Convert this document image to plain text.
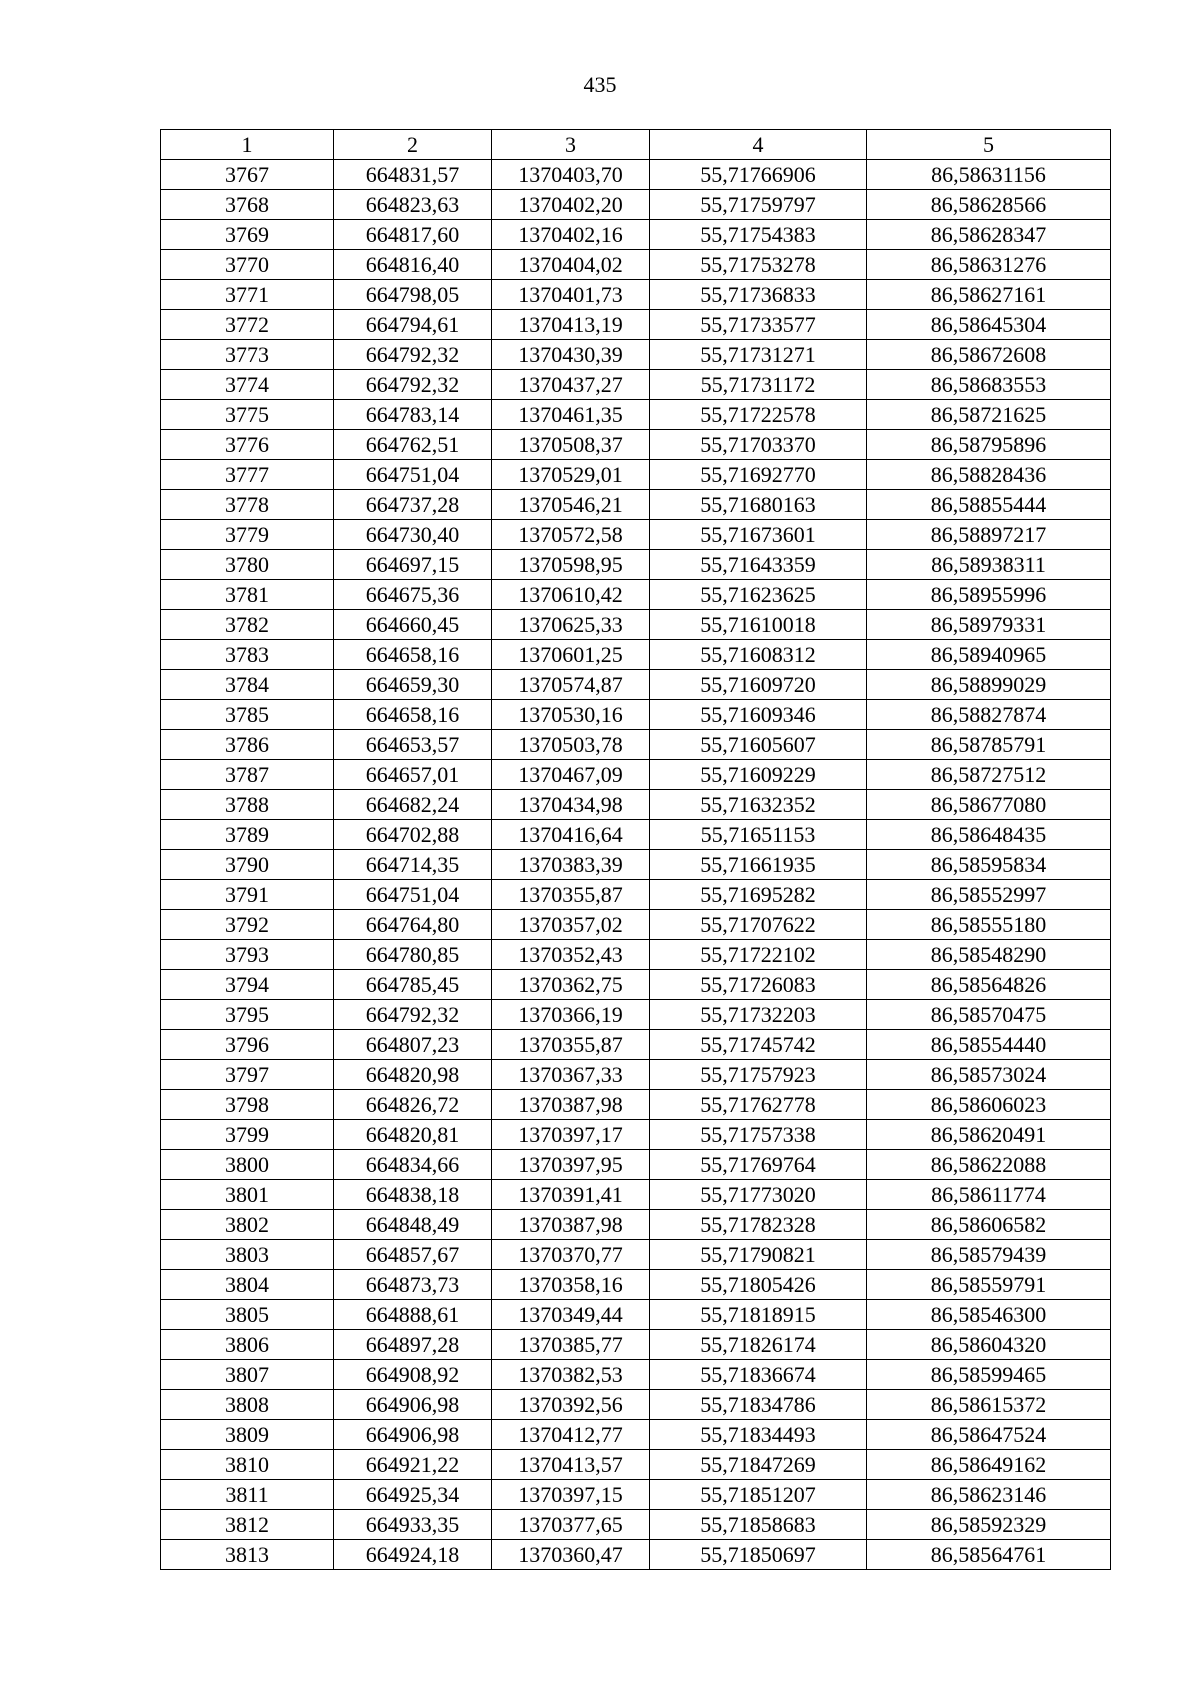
435
1	2	3	4	5
3767	664831,57	1370403,70	55,71766906	86,58631156
3768	664823,63	1370402,20	55,71759797	86,58628566
3769	664817,60	1370402,16	55,71754383	86,58628347
3770	664816,40	1370404,02	55,71753278	86,58631276
3771	664798,05	1370401,73	55,71736833	86,58627161
3772	664794,61	1370413,19	55,71733577	86,58645304
3773	664792,32	1370430,39	55,71731271	86,58672608
3774	664792,32	1370437,27	55,71731172	86,58683553
3775	664783,14	1370461,35	55,71722578	86,58721625
3776	664762,51	1370508,37	55,71703370	86,58795896
3777	664751,04	1370529,01	55,71692770	86,58828436
3778	664737,28	1370546,21	55,71680163	86,58855444
3779	664730,40	1370572,58	55,71673601	86,58897217
3780	664697,15	1370598,95	55,71643359	86,58938311
3781	664675,36	1370610,42	55,71623625	86,58955996
3782	664660,45	1370625,33	55,71610018	86,58979331
3783	664658,16	1370601,25	55,71608312	86,58940965
3784	664659,30	1370574,87	55,71609720	86,58899029
3785	664658,16	1370530,16	55,71609346	86,58827874
3786	664653,57	1370503,78	55,71605607	86,58785791
3787	664657,01	1370467,09	55,71609229	86,58727512
3788	664682,24	1370434,98	55,71632352	86,58677080
3789	664702,88	1370416,64	55,71651153	86,58648435
3790	664714,35	1370383,39	55,71661935	86,58595834
3791	664751,04	1370355,87	55,71695282	86,58552997
3792	664764,80	1370357,02	55,71707622	86,58555180
3793	664780,85	1370352,43	55,71722102	86,58548290
3794	664785,45	1370362,75	55,71726083	86,58564826
3795	664792,32	1370366,19	55,71732203	86,58570475
3796	664807,23	1370355,87	55,71745742	86,58554440
3797	664820,98	1370367,33	55,71757923	86,58573024
3798	664826,72	1370387,98	55,71762778	86,58606023
3799	664820,81	1370397,17	55,71757338	86,58620491
3800	664834,66	1370397,95	55,71769764	86,58622088
3801	664838,18	1370391,41	55,71773020	86,58611774
3802	664848,49	1370387,98	55,71782328	86,58606582
3803	664857,67	1370370,77	55,71790821	86,58579439
3804	664873,73	1370358,16	55,71805426	86,58559791
3805	664888,61	1370349,44	55,71818915	86,58546300
3806	664897,28	1370385,77	55,71826174	86,58604320
3807	664908,92	1370382,53	55,71836674	86,58599465
3808	664906,98	1370392,56	55,71834786	86,58615372
3809	664906,98	1370412,77	55,71834493	86,58647524
3810	664921,22	1370413,57	55,71847269	86,58649162
3811	664925,34	1370397,15	55,71851207	86,58623146
3812	664933,35	1370377,65	55,71858683	86,58592329
3813	664924,18	1370360,47	55,71850697	86,58564761
